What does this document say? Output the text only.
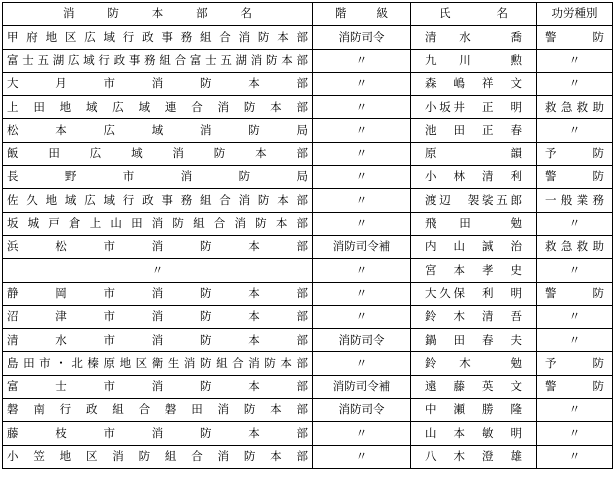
消　防　本　部　名	階　級	氏　名	功労種別
甲府地区広域行政事務組合消防本部	消防司令	清　水　　喬	警　防
富士五湖広域行政事務組合富士五湖消防本部	〃	九　川　　勲	〃
大　月　市　消　防　本　部	〃	森　嶋　祥　文	〃
上田地域広域連合消防本部	〃	小坂井　正　明	救急救助
松　本　広　域　消　防　局	〃	池　田　正　春	〃
飯　田　広　域　消　防　本　部	〃	原　　　韻	予　防
長　野　市　消　防　局	〃	小　林　清　利	警　防
佐久地域広域行政事務組合消防本部	〃	渡辺　袈裟五郎	一般業務
坂城戸倉上山田消防組合消防本部	〃	飛　田　　勉	〃
浜　松　市　消　防　本　部	消防司令補	内　山　誠　治	救急救助
〃	〃	宮　本　孝　史	〃
静　岡　市　消　防　本　部	〃	大久保　利　明	警　防
沼　津　市　消　防　本　部	〃	鈴　木　清　吾	〃
清　水　市　消　防　本　部	消防司令	鍋　田　春　夫	〃
島田市・北榛原地区衛生消防組合消防本部	〃	鈴　木　　勉	予　防
富　士　市　消　防　本　部	消防司令補	遠　藤　英　文	警　防
磐南行政組合磐田消防本部	消防司令	中　瀬　勝　隆	〃
藤　枝　市　消　防　本　部	〃	山　本　敏　明	〃
小笠地区消防組合消防本部	〃	八　木　澄　雄	〃
